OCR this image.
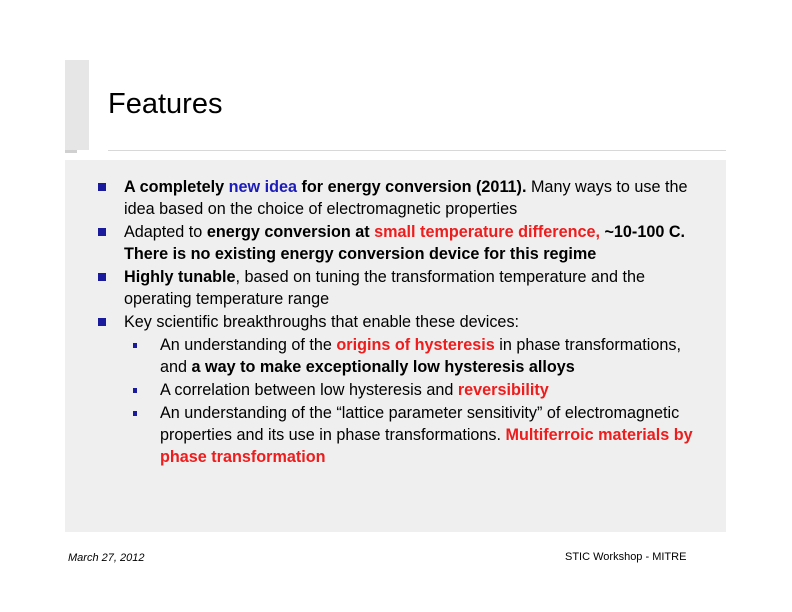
Features
A completely new idea for energy conversion (2011). Many ways to use the idea based on the choice of electromagnetic properties
Adapted to energy conversion at small temperature difference, ~10-100 C. There is no existing energy conversion device for this regime
Highly tunable, based on tuning the transformation temperature and the operating temperature range
Key scientific breakthroughs that enable these devices:
An understanding of the origins of hysteresis in phase transformations, and a way to make exceptionally low hysteresis alloys
A correlation between low hysteresis and reversibility
An understanding of the “lattice parameter sensitivity” of electromagnetic properties and its use in phase transformations. Multiferroic materials by phase transformation
March 27, 2012	STIC Workshop - MITRE
